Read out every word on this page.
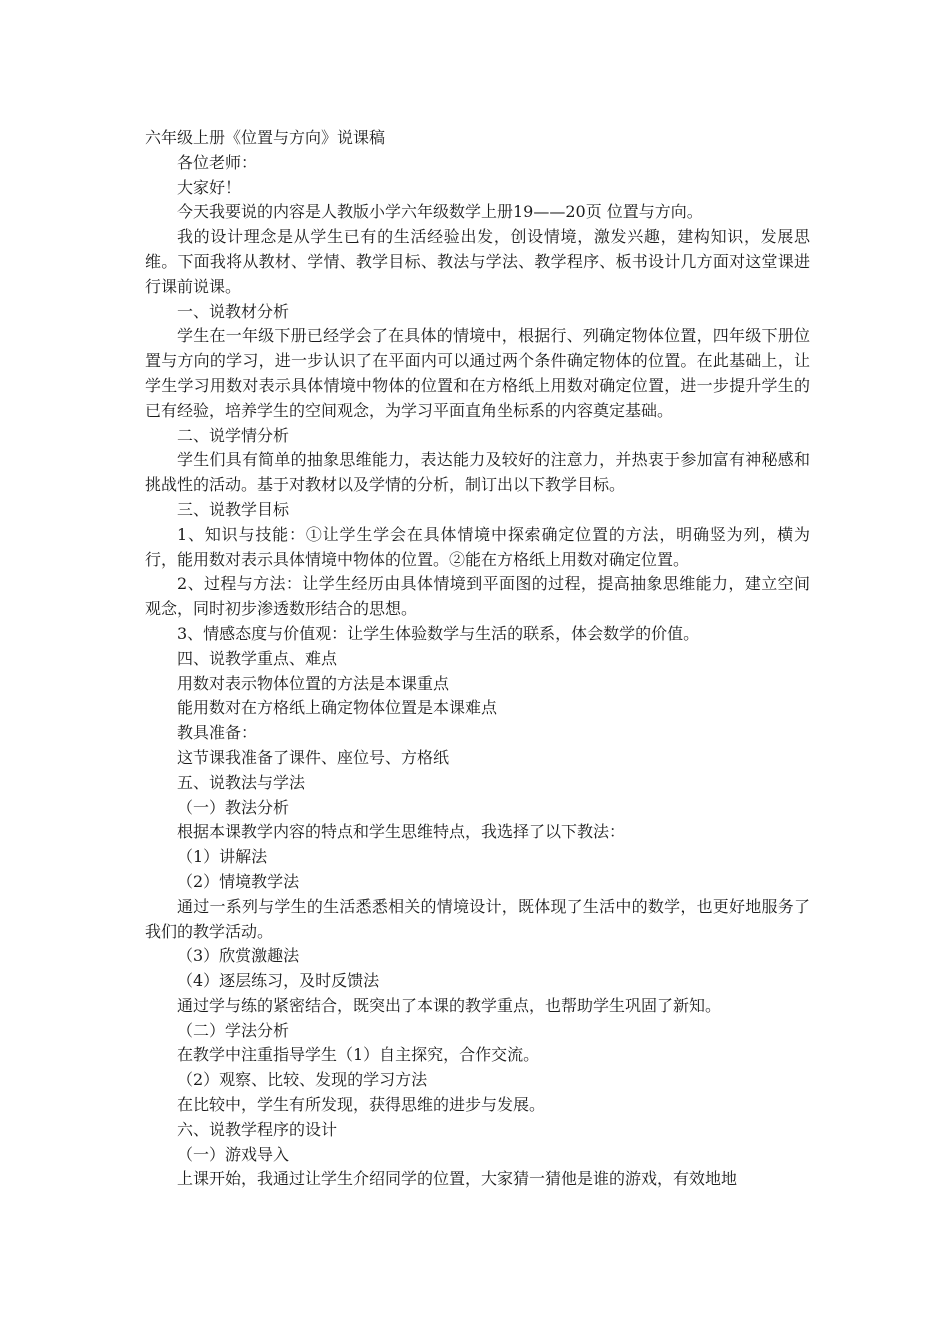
六年级上册《位置与方向》说课稿

各位老师：

大家好！

今天我要说的内容是人教版小学六年级数学上册19——20页 位置与方向。

我的设计理念是从学生已有的生活经验出发，创设情境，激发兴趣，建构知识，发展思维。下面我将从教材、学情、教学目标、教法与学法、教学程序、板书设计几方面对这堂课进行课前说课。

一、说教材分析

学生在一年级下册已经学会了在具体的情境中，根据行、列确定物体位置，四年级下册位置与方向的学习，进一步认识了在平面内可以通过两个条件确定物体的位置。在此基础上，让学生学习用数对表示具体情境中物体的位置和在方格纸上用数对确定位置，进一步提升学生的已有经验，培养学生的空间观念，为学习平面直角坐标系的内容奠定基础。

二、说学情分析

学生们具有简单的抽象思维能力，表达能力及较好的注意力，并热衷于参加富有神秘感和挑战性的活动。基于对教材以及学情的分析，制订出以下教学目标。

三、说教学目标

1、知识与技能：①让学生学会在具体情境中探索确定位置的方法，明确竖为列，横为行，能用数对表示具体情境中物体的位置。②能在方格纸上用数对确定位置。

2、过程与方法：让学生经历由具体情境到平面图的过程，提高抽象思维能力，建立空间观念，同时初步渗透数形结合的思想。

3、情感态度与价值观：让学生体验数学与生活的联系，体会数学的价值。

四、说教学重点、难点

用数对表示物体位置的方法是本课重点

能用数对在方格纸上确定物体位置是本课难点

教具准备：

这节课我准备了课件、座位号、方格纸

五、说教法与学法

（一）教法分析

根据本课教学内容的特点和学生思维特点，我选择了以下教法：

（1）讲解法

（2）情境教学法

通过一系列与学生的生活悉悉相关的情境设计，既体现了生活中的数学，也更好地服务了我们的教学活动。

（3）欣赏激趣法

（4）逐层练习，及时反馈法

通过学与练的紧密结合，既突出了本课的教学重点，也帮助学生巩固了新知。

（二）学法分析

在教学中注重指导学生（1）自主探究，合作交流。

（2）观察、比较、发现的学习方法

在比较中，学生有所发现，获得思维的进步与发展。

六、说教学程序的设计

（一）游戏导入

上课开始，我通过让学生介绍同学的位置，大家猜一猜他是谁的游戏，有效地地
